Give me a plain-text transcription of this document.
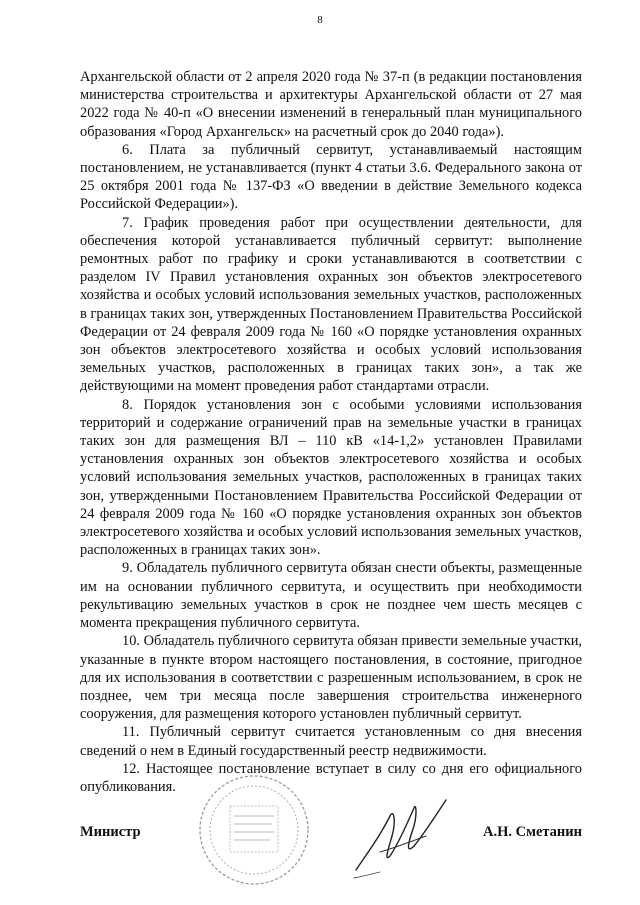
8

Архангельской области от 2 апреля 2020 года № 37-п (в редакции постановления министерства строительства и архитектуры Архангельской области от 27 мая 2022 года № 40-п «О внесении изменений в генеральный план муниципального образования «Город Архангельск» на расчетный срок до 2040 года»).

6. Плата за публичный сервитут, устанавливаемый настоящим постановлением, не устанавливается (пункт 4 статьи 3.6. Федерального закона от 25 октября 2001 года № 137-ФЗ «О введении в действие Земельного кодекса Российской Федерации»).

7. График проведения работ при осуществлении деятельности, для обеспечения которой устанавливается публичный сервитут: выполнение ремонтных работ по графику и сроки устанавливаются в соответствии с разделом IV Правил установления охранных зон объектов электросетевого хозяйства и особых условий использования земельных участков, расположенных в границах таких зон, утвержденных Постановлением Правительства Российской Федерации от 24 февраля 2009 года № 160 «О порядке установления охранных зон объектов электросетевого хозяйства и особых условий использования земельных участков, расположенных в границах таких зон», а так же действующими на момент проведения работ стандартами отрасли.

8. Порядок установления зон с особыми условиями использования территорий и содержание ограничений прав на земельные участки в границах таких зон для размещения ВЛ – 110 кВ «14-1,2» установлен Правилами установления охранных зон объектов электросетевого хозяйства и особых условий использования земельных участков, расположенных в границах таких зон, утвержденными Постановлением Правительства Российской Федерации от 24 февраля 2009 года № 160 «О порядке установления охранных зон объектов электросетевого хозяйства и особых условий использования земельных участков, расположенных в границах таких зон».

9. Обладатель публичного сервитута обязан снести объекты, размещенные им на основании публичного сервитута, и осуществить при необходимости рекультивацию земельных участков в срок не позднее чем шесть месяцев с момента прекращения публичного сервитута.

10. Обладатель публичного сервитута обязан привести земельные участки, указанные в пункте втором настоящего постановления, в состояние, пригодное для их использования в соответствии с разрешенным использованием, в срок не позднее, чем три месяца после завершения строительства инженерного сооружения, для размещения которого установлен публичный сервитут.

11. Публичный сервитут считается установленным со дня внесения сведений о нем в Единый государственный реестр недвижимости.

12. Настоящее постановление вступает в силу со дня его официального опубликования.

Министр	А.Н. Сметанин
